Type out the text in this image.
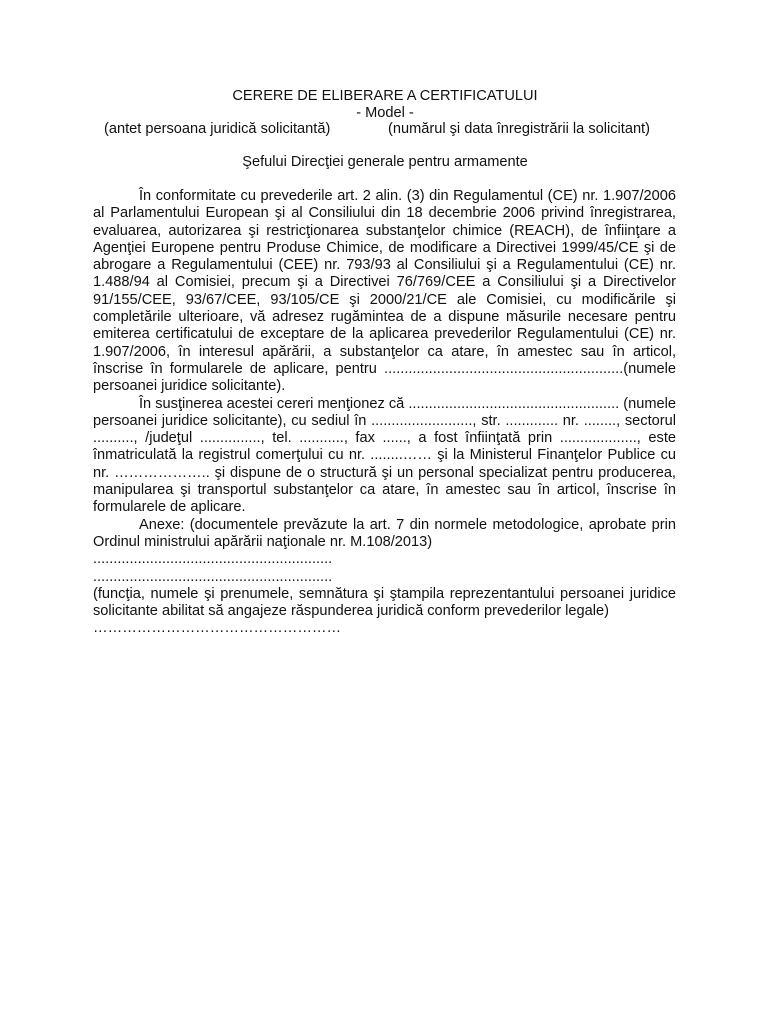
CERERE DE ELIBERARE A CERTIFICATULUI
- Model -
(antet persoana juridică solicitantă)	(numărul şi data înregistrării la solicitant)
Şefului Direcţiei generale pentru armamente

În conformitate cu prevederile art. 2 alin. (3) din Regulamentul (CE) nr. 1.907/2006 al Parlamentului European şi al Consiliului din 18 decembrie 2006 privind înregistrarea, evaluarea, autorizarea şi restricţionarea substanţelor chimice (REACH), de înfiinţare a Agenţiei Europene pentru Produse Chimice, de modificare a Directivei 1999/45/CE şi de abrogare a Regulamentului (CEE) nr. 793/93 al Consiliului şi a Regulamentului (CE) nr. 1.488/94 al Comisiei, precum şi a Directivei 76/769/CEE a Consiliului şi a Directivelor 91/155/CEE, 93/67/CEE, 93/105/CE şi 2000/21/CE ale Comisiei, cu modificările şi completările ulterioare, vă adresez rugămintea de a dispune măsurile necesare pentru emiterea certificatului de exceptare de la aplicarea prevederilor Regulamentului (CE) nr. 1.907/2006, în interesul apărării, a substanţelor ca atare, în amestec sau în articol, înscrise în formularele de aplicare, pentru ...........................................................(numele persoanei juridice solicitante).

În susţinerea acestei cereri menţionez că .................................................... (numele persoanei juridice solicitante), cu sediul în ........................., str. ............. nr. ........, sectorul .........., /judeţul ..............., tel. ..........., fax ......, a fost înfiinţată prin ..................., este înmatriculată la registrul comerţului cu nr. ........…… şi la Ministerul Finanţelor Publice cu nr. ……………….. şi dispune de o structură şi un personal specializat pentru producerea, manipularea şi transportul substanţelor ca atare, în amestec sau în articol, înscrise în formularele de aplicare.

Anexe: (documentele prevăzute la art. 7 din normele metodologice, aprobate prin Ordinul ministrului apărării naţionale nr. M.108/2013)

...........................................................

...........................................................

(funcţia, numele şi prenumele, semnătura şi ştampila reprezentantului persoanei juridice solicitante abilitat să angajeze răspunderea juridică conform prevederilor legale)

……………………………………………
